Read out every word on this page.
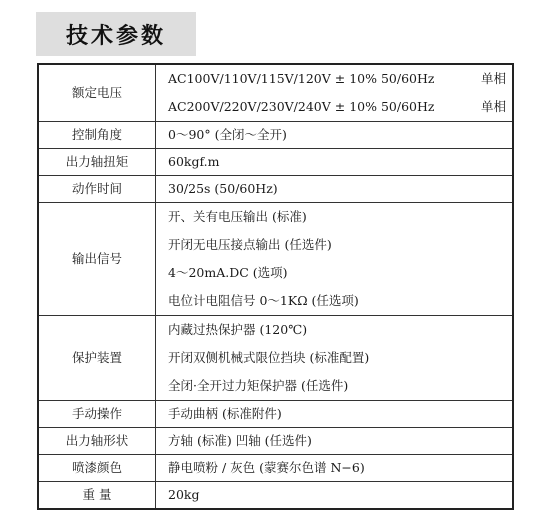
技术参数
额定电压	AC100V/110V/115V/120V ± 10% 50/60Hz 单相
AC200V/220V/230V/240V ± 10% 50/60Hz 单相

控制角度	0～90° (全闭～全开)

出力轴扭矩	60kgf.m

动作时间	30/25s (50/60Hz)

输出信号	开、关有电压输出 (标准)
开闭无电压接点输出 (任选件)
4～20mA.DC (选项)
电位计电阻信号 0～1KΩ (任选项)

保护装置	内藏过热保护器 (120℃)
开闭双侧机械式限位挡块 (标准配置)
全闭·全开过力矩保护器 (任选件)

手动操作	手动曲柄 (标准附件)

出力轴形状	方轴 (标准) 凹轴 (任选件)

喷漆颜色	静电喷粉 / 灰色 (蒙赛尔色谱 N−6)

重 量	20kg
